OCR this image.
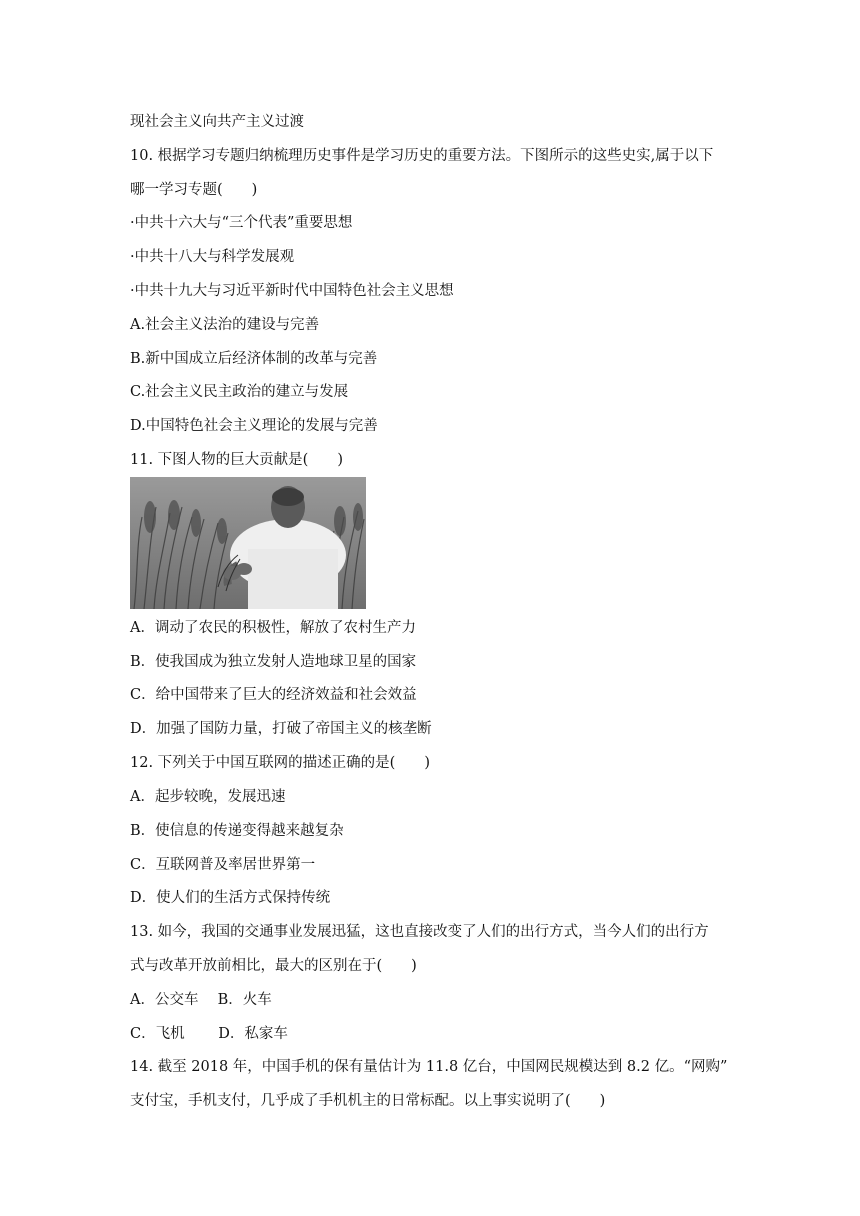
现社会主义向共产主义过渡
10. 根据学习专题归纳梳理历史事件是学习历史的重要方法。下图所示的这些史实,属于以下
哪一学习专题(　　)
·中共十六大与“三个代表”重要思想
·中共十八大与科学发展观
·中共十九大与习近平新时代中国特色社会主义思想
A.社会主义法治的建设与完善
B.新中国成立后经济体制的改革与完善
C.社会主义民主政治的建立与发展
D.中国特色社会主义理论的发展与完善
11. 下图人物的巨大贡献是(　　)
A．调动了农民的积极性，解放了农村生产力
B．使我国成为独立发射人造地球卫星的国家
C．给中国带来了巨大的经济效益和社会效益
D．加强了国防力量，打破了帝国主义的核垄断
12. 下列关于中国互联网的描述正确的是(　　)
A．起步较晚，发展迅速
B．使信息的传递变得越来越复杂
C．互联网普及率居世界第一
D．使人们的生活方式保持传统
13. 如今，我国的交通事业发展迅猛，这也直接改变了人们的出行方式，当今人们的出行方
式与改革开放前相比，最大的区别在于(　　)
A．公交车　 B．火车
C．飞机　　 D．私家车
14. 截至 2018 年，中国手机的保有量估计为 11.8 亿台，中国网民规模达到 8.2 亿。“网购”
支付宝，手机支付，几乎成了手机机主的日常标配。以上事实说明了(　　)
